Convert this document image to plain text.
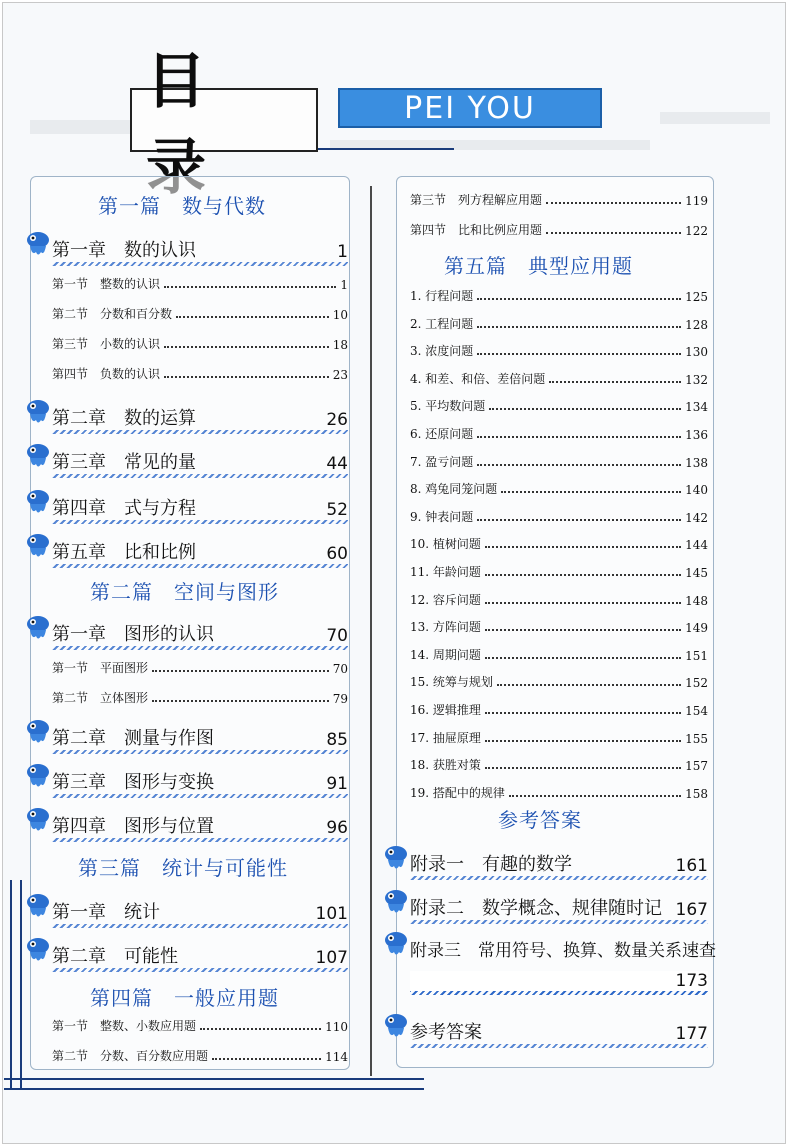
PEI YOU
第一篇　数与代数
第一章　数的认识	1
第一节　整数的认识	1
第二节　分数和百分数	10
第三节　小数的认识	18
第四节　负数的认识	23
第二章　数的运算	26
第三章　常见的量	44
第四章　式与方程	52
第五章　比和比例	60
第二篇　空间与图形
第一章　图形的认识	70
第一节　平面图形	70
第二节　立体图形	79
第二章　测量与作图	85
第三章　图形与变换	91
第四章　图形与位置	96
第三篇　统计与可能性
第一章　统计	101
第二章　可能性	107
第四篇　一般应用题
第一节　整数、小数应用题	110
第二节　分数、百分数应用题	114
第三节　列方程解应用题	119
第四节　比和比例应用题	122
第五篇　典型应用题
1. 行程问题	125
2. 工程问题	128
3. 浓度问题	130
4. 和差、和倍、差倍问题	132
5. 平均数问题	134
6. 还原问题	136
7. 盈亏问题	138
8. 鸡兔同笼问题	140
9. 钟表问题	142
10. 植树问题	144
11. 年龄问题	145
12. 容斥问题	148
13. 方阵问题	149
14. 周期问题	151
15. 统筹与规划	152
16. 逻辑推理	154
17. 抽屉原理	155
18. 获胜对策	157
19. 搭配中的规律	158
参考答案
附录一　有趣的数学	161
附录二　数学概念、规律随时记 167
附录三　常用符号、换算、数量关系速查
173
参考答案	177
